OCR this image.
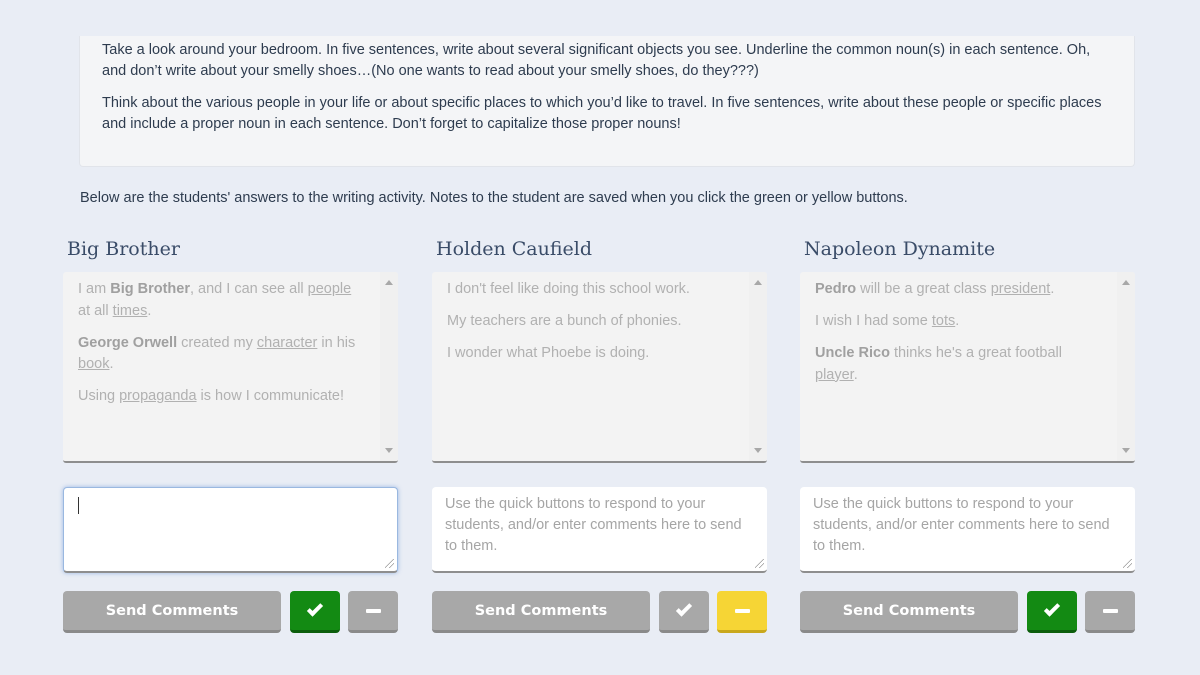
Take a look around your bedroom. In five sentences, write about several significant objects you see. Underline the common noun(s) in each sentence. Oh, and don’t write about your smelly shoes…(No one wants to read about your smelly shoes, do they???)

Think about the various people in your life or about specific places to which you’d like to travel. In five sentences, write about these people or specific places and include a proper noun in each sentence. Don’t forget to capitalize those proper nouns!

Below are the students' answers to the writing activity. Notes to the student are saved when you click the green or yellow buttons.
Big Brother

I am Big Brother, and I can see all people at all times.

George Orwell created my character in his book.

Using propaganda is how I communicate!

Send Comments
Holden Caufield

I don't feel like doing this school work.

My teachers are a bunch of phonies.

I wonder what Phoebe is doing.

Use the quick buttons to respond to your students, and/or enter comments here to send to them.
Send Comments
Napoleon Dynamite

Pedro will be a great class president.

I wish I had some tots.

Uncle Rico thinks he's a great football player.

Use the quick buttons to respond to your students, and/or enter comments here to send to them.
Send Comments
